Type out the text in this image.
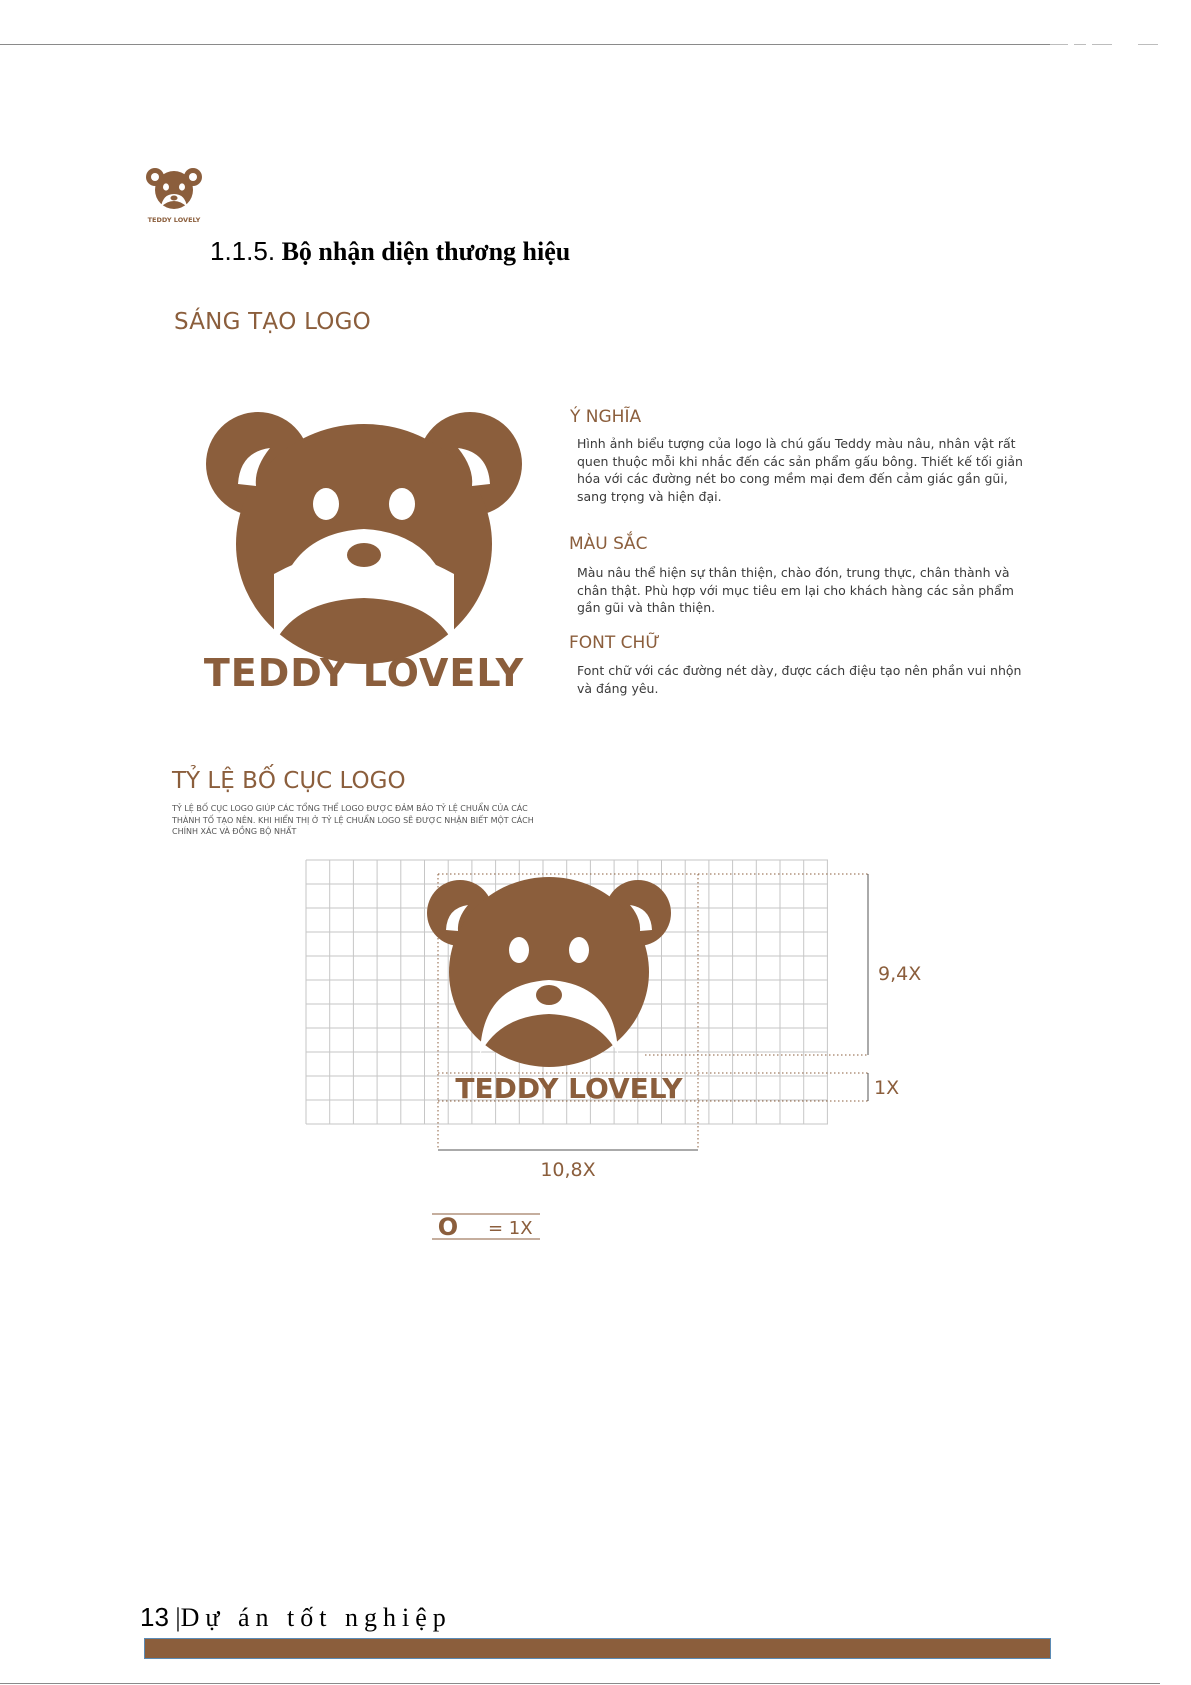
TEDDY LOVELY
1.1.5. Bộ nhận diện thương hiệu
SÁNG TẠO LOGO
TEDDY LOVELY
Ý NGHĨA
Hình ảnh biểu tượng của logo là chú gấu Teddy màu nâu, nhân vật rất quen thuộc mỗi khi nhắc đến các sản phẩm gấu bông. Thiết kế tối giản hóa với các đường nét bo cong mềm mại đem đến cảm giác gần gũi, sang trọng và hiện đại.
MÀU SẮC
Màu nâu thể hiện sự thân thiện, chào đón, trung thực, chân thành và chân thật. Phù hợp với mục tiêu em lại cho khách hàng các sản phẩm gần gũi và thân thiện.
FONT CHỮ
Font chữ với các đường nét dày, được cách điệu tạo nên phần vui nhộn và đáng yêu.
TỶ LỆ BỐ CỤC LOGO
TỶ LỆ BỐ CỤC LOGO GIÚP CÁC TỔNG THỂ LOGO ĐƯỢC ĐẢM BẢO TỶ LỆ CHUẨN CỦA CÁC THÀNH TỐ TẠO NÊN. KHI HIỂN THỊ Ở TỶ LỆ CHUẨN LOGO SẼ ĐƯỢC NHẬN BIẾT MỘT CÁCH CHÍNH XÁC VÀ ĐỒNG BỘ NHẤT
TEDDY LOVELY
9,4X
1X
10,8X
O = 1X
13 |Dự án tốt nghiệp
